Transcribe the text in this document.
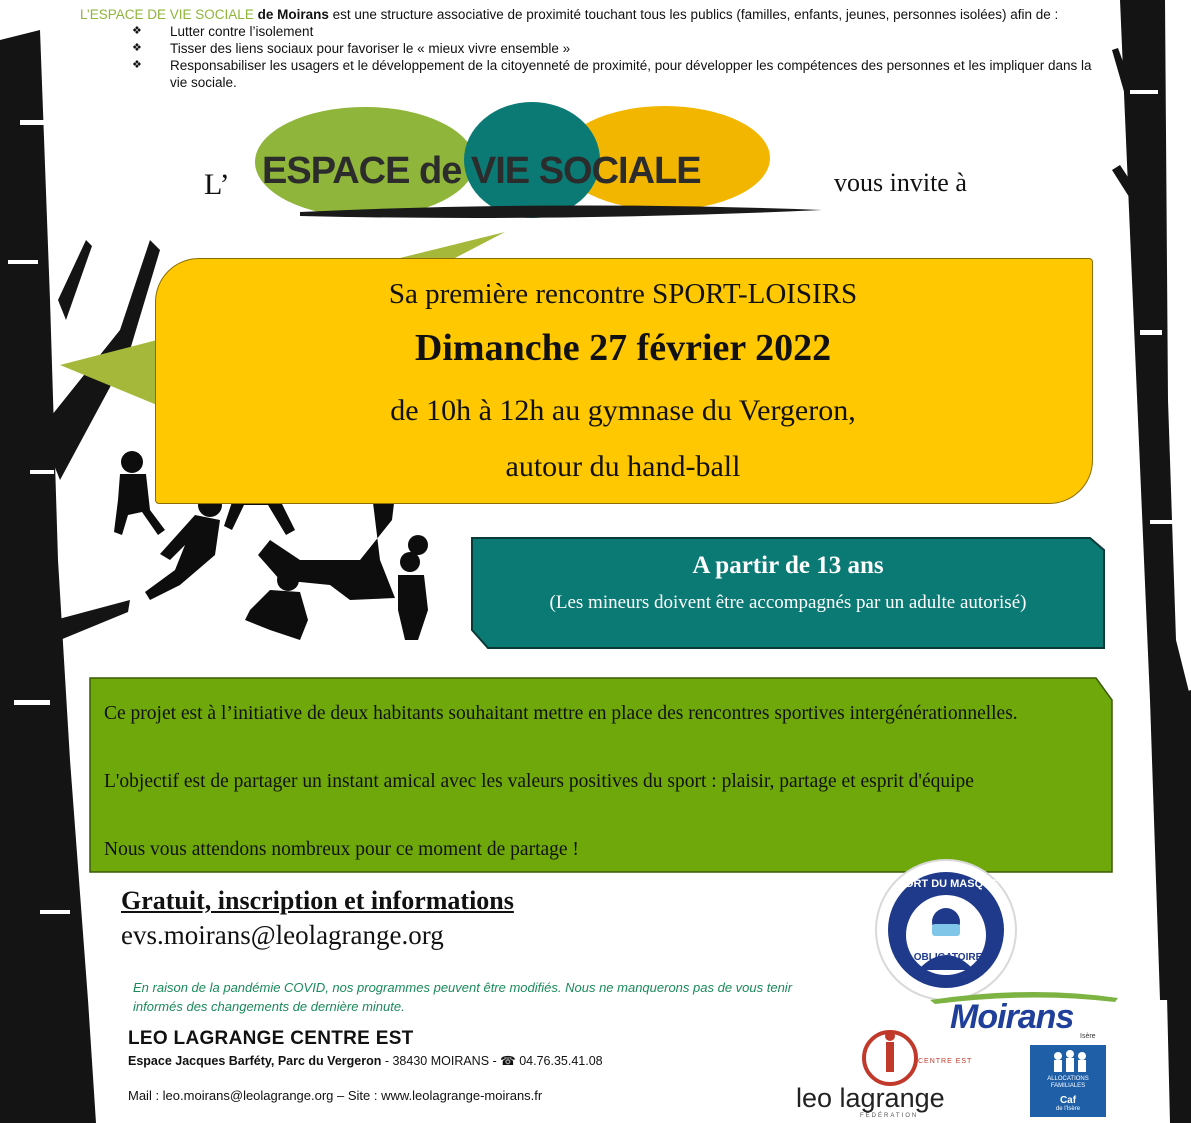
L’ESPACE DE VIE SOCIALE de Moirans est une structure associative de proximité touchant tous les publics (familles, enfants, jeunes, personnes isolées) afin de :
❖ Lutter contre l’isolement
❖ Tisser des liens sociaux pour favoriser le « mieux vivre ensemble »
❖ Responsabiliser les usagers et le développement de la citoyenneté de proximité, pour développer les compétences des personnes et les impliquer dans la vie sociale.
L’ ESPACE de VIE SOCIALE	vous invite à
Sa première rencontre SPORT-LOISIRS
Dimanche 27 février 2022
de 10h à 12h au gymnase du Vergeron,
autour du hand-ball
A partir de 13 ans
(Les mineurs doivent être accompagnés par un adulte autorisé)
Ce projet est à l’initiative de deux habitants souhaitant mettre en place des rencontres sportives intergénérationnelles.
L'objectif est de partager un instant amical avec les valeurs positives du sport : plaisir, partage et esprit d'équipe
Nous vous attendons nombreux pour ce moment de partage !
Gratuit, inscription et informations
evs.moirans@leolagrange.org
PORT DU MASQUE
OBLIGATOIRE
En raison de la pandémie COVID, nos programmes peuvent être modifiés. Nous ne manquerons pas de vous tenir informés des changements de dernière minute.
LEO LAGRANGE CENTRE EST
Espace Jacques Barféty, Parc du Vergeron - 38430 MOIRANS - ☎ 04.76.35.41.08
Mail : leo.moirans@leolagrange.org – Site : www.leolagrange-moirans.fr
Moirans
Isère
CENTRE EST
leo lagrange
FÉDÉRATION
ALLOCATIONS FAMILIALES
Caf
de l'Isère
